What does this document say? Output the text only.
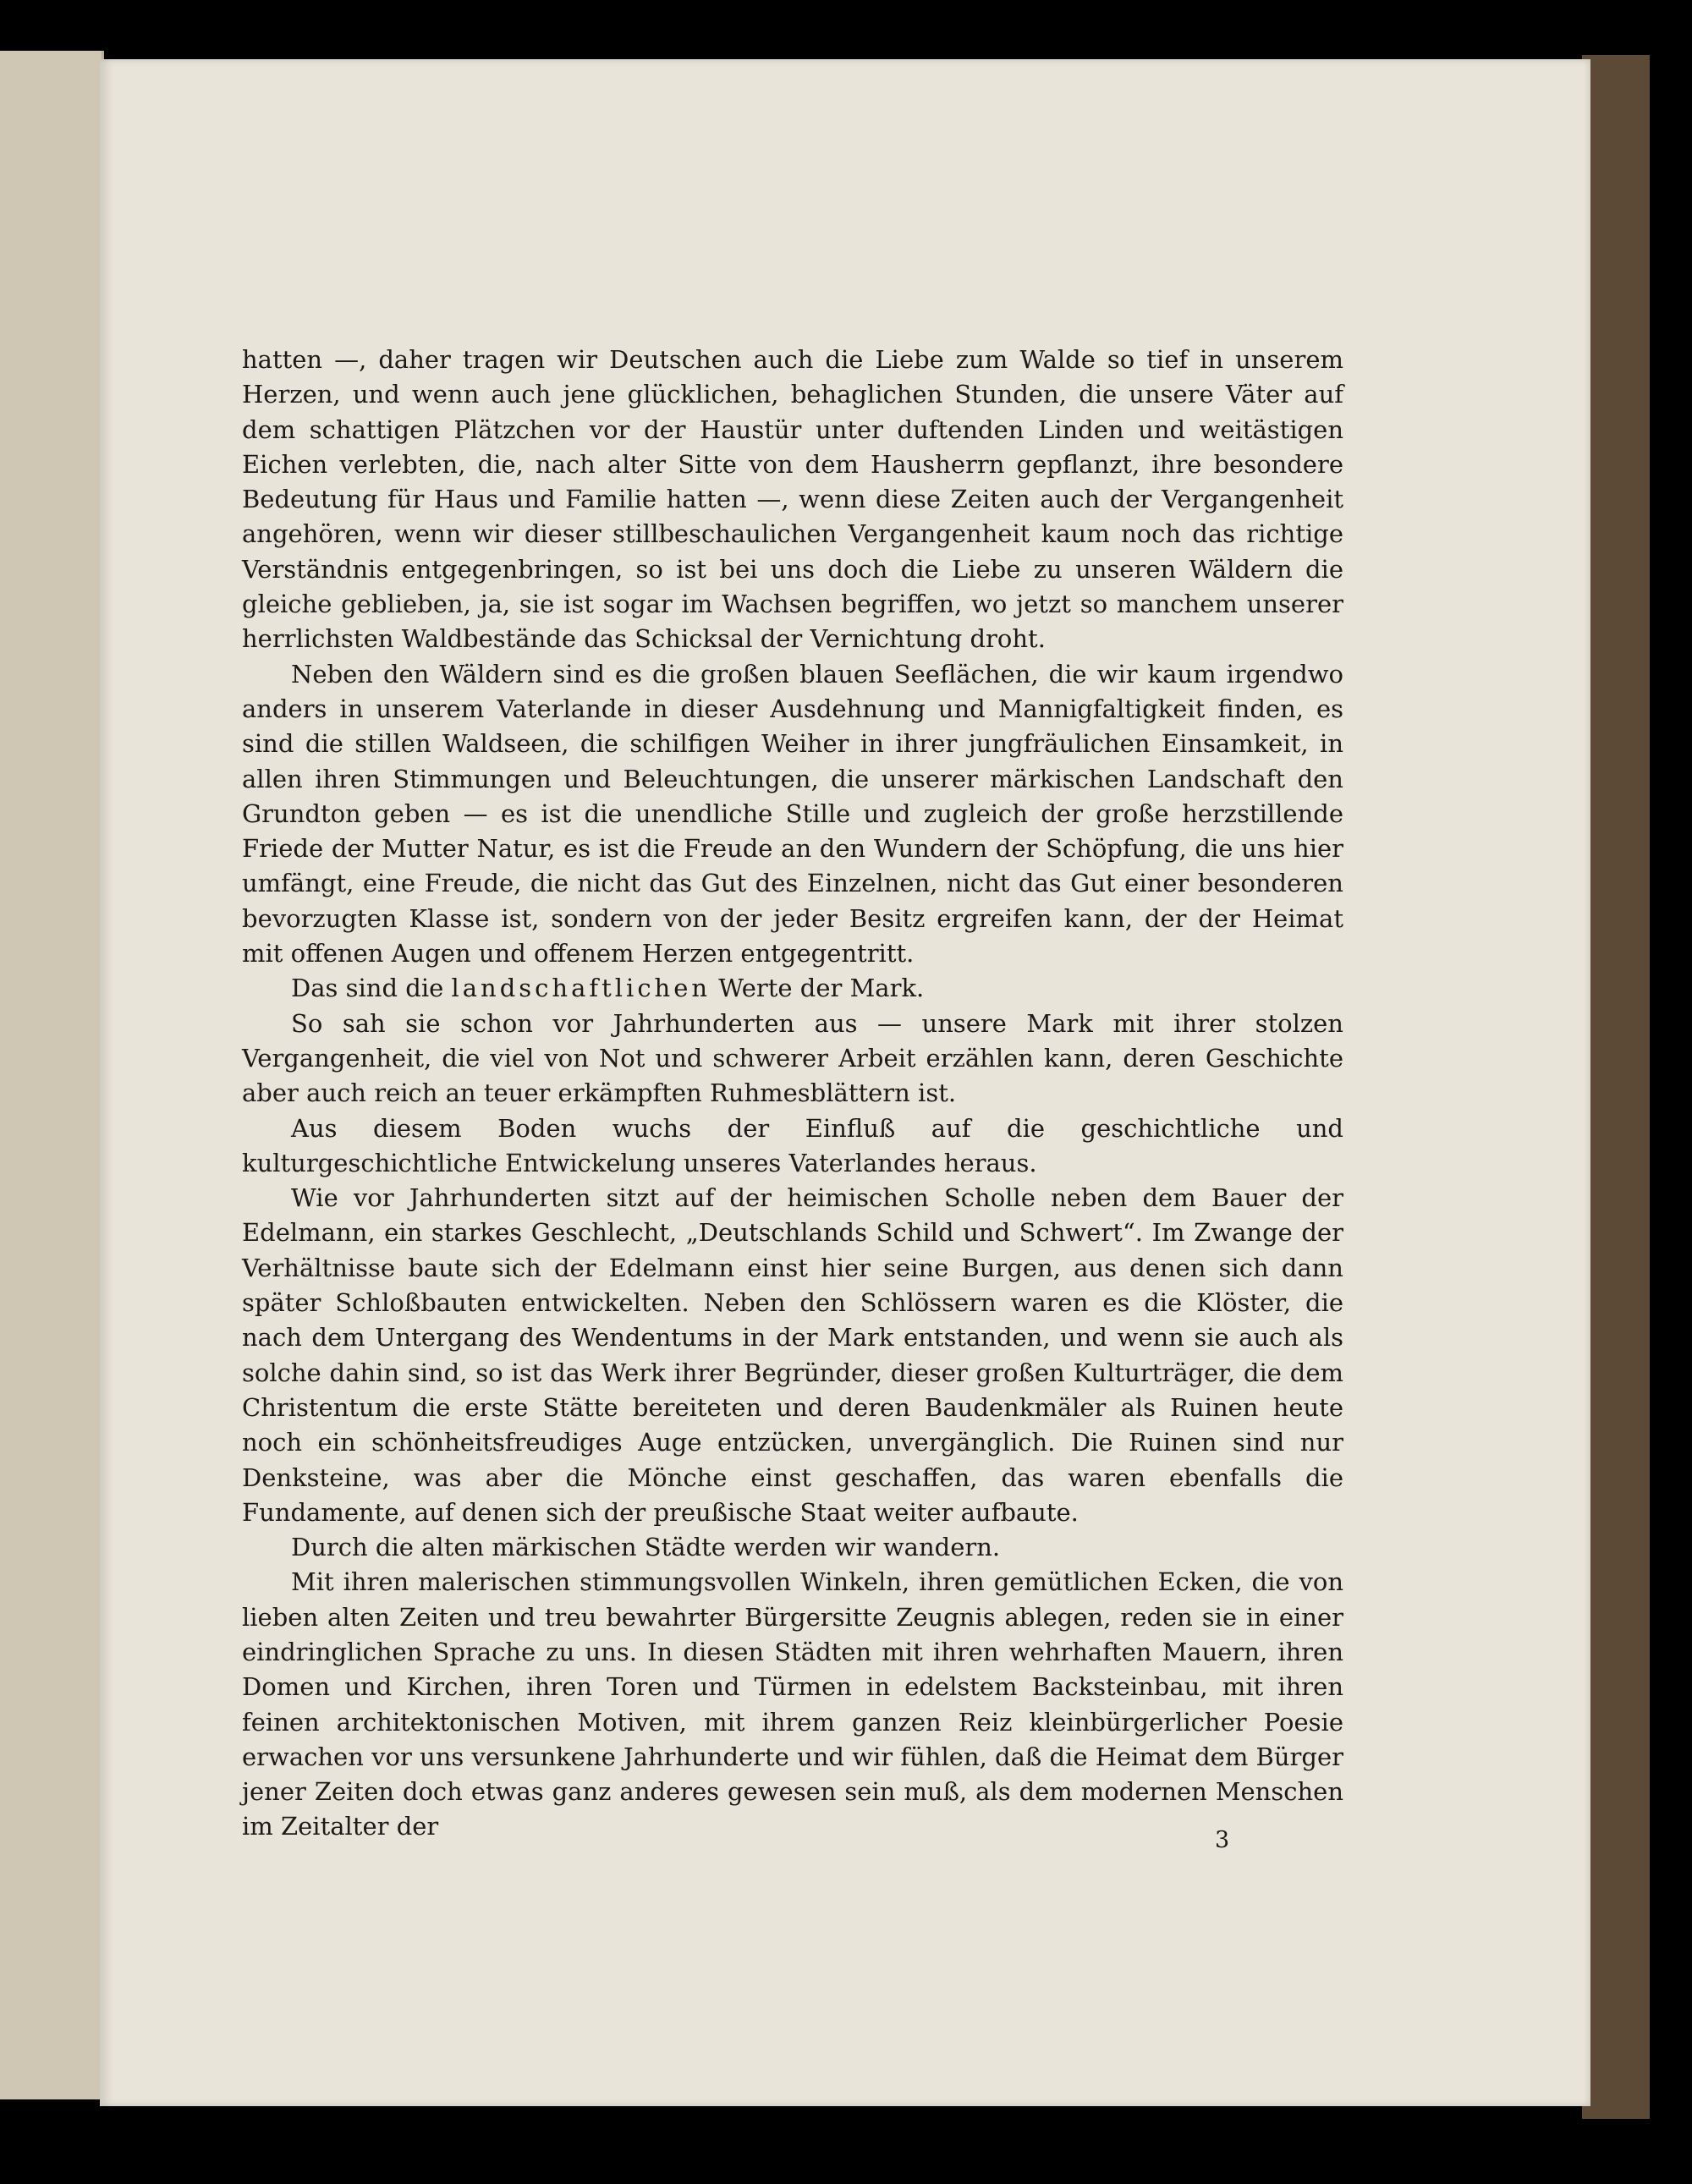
hatten —, daher tragen wir Deutschen auch die Liebe zum Walde so tief in unserem Herzen, und wenn auch jene glücklichen, behaglichen Stunden, die unsere Väter auf dem schattigen Plätzchen vor der Haustür unter duftenden Linden und weitästigen Eichen verlebten, die, nach alter Sitte von dem Hausherrn gepflanzt, ihre besondere Bedeutung für Haus und Familie hatten —, wenn diese Zeiten auch der Vergangenheit angehören, wenn wir dieser stillbeschaulichen Vergangenheit kaum noch das richtige Verständnis entgegenbringen, so ist bei uns doch die Liebe zu unseren Wäldern die gleiche geblieben, ja, sie ist sogar im Wachsen begriffen, wo jetzt so manchem unserer herrlichsten Waldbestände das Schicksal der Vernichtung droht.

Neben den Wäldern sind es die großen blauen Seeflächen, die wir kaum irgendwo anders in unserem Vaterlande in dieser Ausdehnung und Mannigfaltigkeit finden, es sind die stillen Waldseen, die schilfigen Weiher in ihrer jungfräulichen Einsamkeit, in allen ihren Stimmungen und Beleuchtungen, die unserer märkischen Landschaft den Grundton geben — es ist die unendliche Stille und zugleich der große herzstillende Friede der Mutter Natur, es ist die Freude an den Wundern der Schöpfung, die uns hier umfängt, eine Freude, die nicht das Gut des Einzelnen, nicht das Gut einer besonderen bevorzugten Klasse ist, sondern von der jeder Besitz ergreifen kann, der der Heimat mit offenen Augen und offenem Herzen entgegentritt.

Das sind die landschaftlichen Werte der Mark.

So sah sie schon vor Jahrhunderten aus — unsere Mark mit ihrer stolzen Vergangenheit, die viel von Not und schwerer Arbeit erzählen kann, deren Geschichte aber auch reich an teuer erkämpften Ruhmesblättern ist.

Aus diesem Boden wuchs der Einfluß auf die geschichtliche und kulturgeschichtliche Entwickelung unseres Vaterlandes heraus.

Wie vor Jahrhunderten sitzt auf der heimischen Scholle neben dem Bauer der Edelmann, ein starkes Geschlecht, „Deutschlands Schild und Schwert“. Im Zwange der Verhältnisse baute sich der Edelmann einst hier seine Burgen, aus denen sich dann später Schloßbauten entwickelten. Neben den Schlössern waren es die Klöster, die nach dem Untergang des Wendentums in der Mark entstanden, und wenn sie auch als solche dahin sind, so ist das Werk ihrer Begründer, dieser großen Kulturträger, die dem Christentum die erste Stätte bereiteten und deren Baudenkmäler als Ruinen heute noch ein schönheitsfreudiges Auge entzücken, unvergänglich. Die Ruinen sind nur Denksteine, was aber die Mönche einst geschaffen, das waren ebenfalls die Fundamente, auf denen sich der preußische Staat weiter aufbaute.

Durch die alten märkischen Städte werden wir wandern.

Mit ihren malerischen stimmungsvollen Winkeln, ihren gemütlichen Ecken, die von lieben alten Zeiten und treu bewahrter Bürgersitte Zeugnis ablegen, reden sie in einer eindringlichen Sprache zu uns. In diesen Städten mit ihren wehrhaften Mauern, ihren Domen und Kirchen, ihren Toren und Türmen in edelstem Backsteinbau, mit ihren feinen architektonischen Motiven, mit ihrem ganzen Reiz kleinbürgerlicher Poesie erwachen vor uns versunkene Jahrhunderte und wir fühlen, daß die Heimat dem Bürger jener Zeiten doch etwas ganz anderes gewesen sein muß, als dem modernen Menschen im Zeitalter der	3
